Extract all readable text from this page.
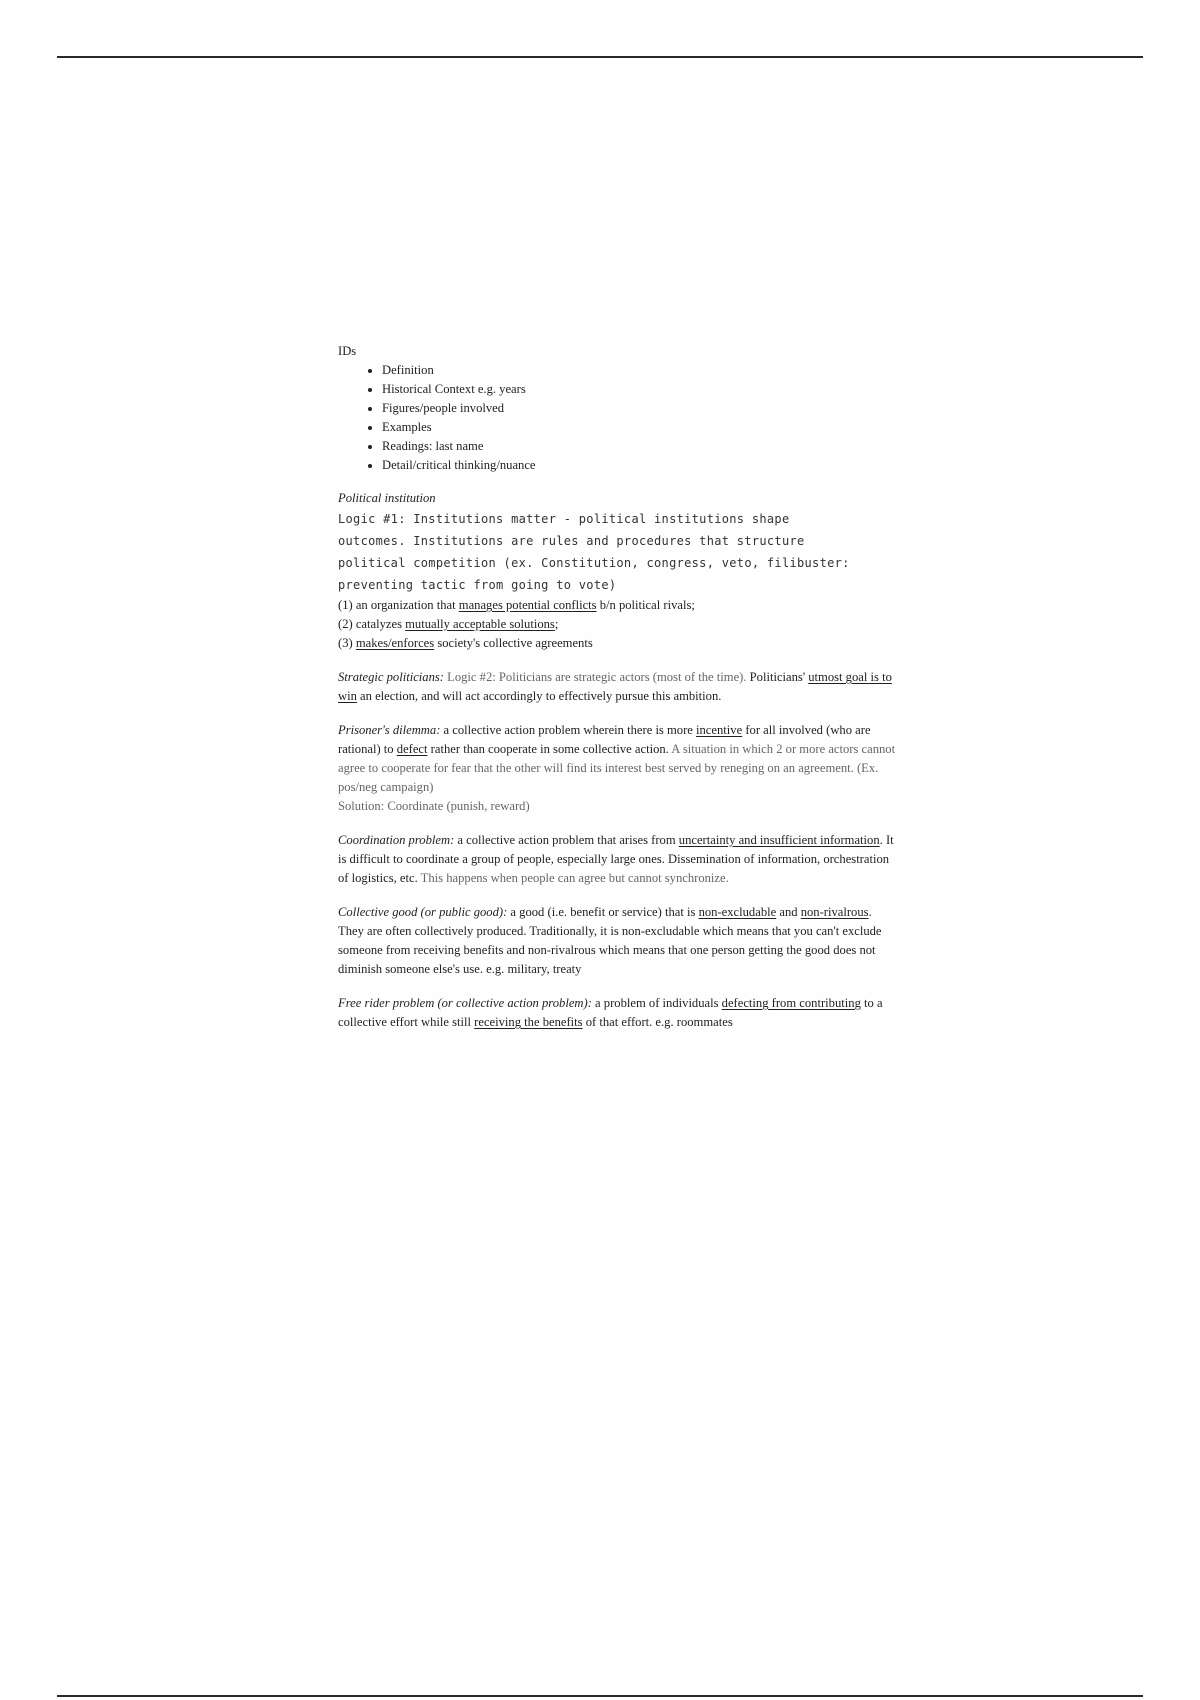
IDs

• Definition
• Historical Context e.g. years
• Figures/people involved
• Examples
• Readings: last name
• Detail/critical thinking/nuance

Political institution

Logic #1: Institutions matter - political institutions shape
outcomes. Institutions are rules and procedures that structure
political competition (ex. Constitution, congress, veto, filibuster:
preventing tactic from going to vote)

(1) an organization that manages potential conflicts b/n political rivals;

(2) catalyzes mutually acceptable solutions;

(3) makes/enforces society's collective agreements

Strategic politicians: Logic #2: Politicians are strategic actors (most of the time). Politicians' utmost goal is to win an election, and will act accordingly to effectively pursue this ambition.

Prisoner's dilemma: a collective action problem wherein there is more incentive for all involved (who are rational) to defect rather than cooperate in some collective action. A situation in which 2 or more actors cannot agree to cooperate for fear that the other will find its interest best served by reneging on an agreement. (Ex. pos/neg campaign)

Solution: Coordinate (punish, reward)

Coordination problem: a collective action problem that arises from uncertainty and insufficient information. It is difficult to coordinate a group of people, especially large ones. Dissemination of information, orchestration of logistics, etc. This happens when people can agree but cannot synchronize.

Collective good (or public good): a good (i.e. benefit or service) that is non-excludable and non-rivalrous. They are often collectively produced. Traditionally, it is non-excludable which means that you can't exclude someone from receiving benefits and non-rivalrous which means that one person getting the good does not diminish someone else's use. e.g. military, treaty

Free rider problem (or collective action problem): a problem of individuals defecting from contributing to a collective effort while still receiving the benefits of that effort. e.g. roommates
